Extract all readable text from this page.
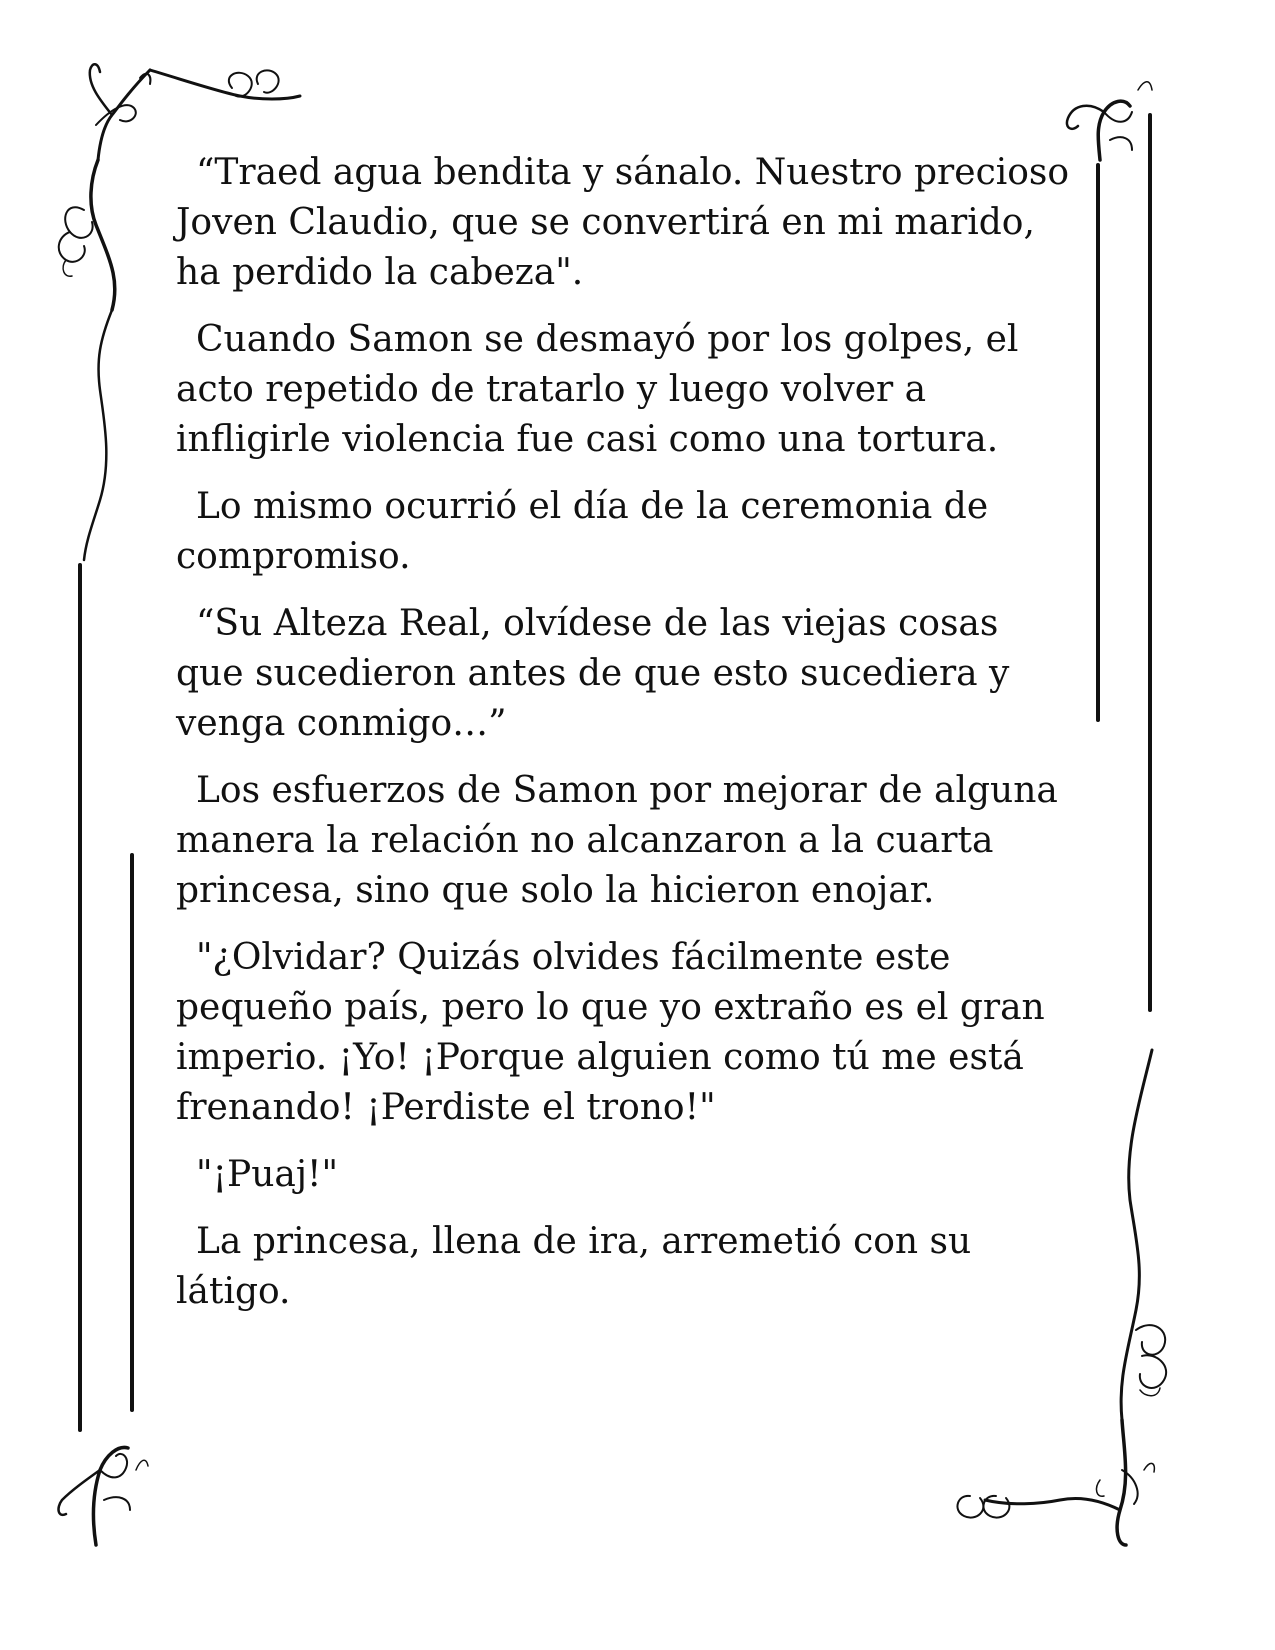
“Traed agua bendita y sánalo. Nuestro precioso Joven Claudio, que se convertirá en mi marido, ha perdido la cabeza".

Cuando Samon se desmayó por los golpes, el acto repetido de tratarlo y luego volver a infligirle violencia fue casi como una tortura.

Lo mismo ocurrió el día de la ceremonia de compromiso.

“Su Alteza Real, olvídese de las viejas cosas que sucedieron antes de que esto sucediera y venga conmigo…”

Los esfuerzos de Samon por mejorar de alguna manera la relación no alcanzaron a la cuarta princesa, sino que solo la hicieron enojar.

"¿Olvidar? Quizás olvides fácilmente este pequeño país, pero lo que yo extraño es el gran imperio. ¡Yo! ¡Porque alguien como tú me está frenando! ¡Perdiste el trono!"

"¡Puaj!"

La princesa, llena de ira, arremetió con su látigo.
